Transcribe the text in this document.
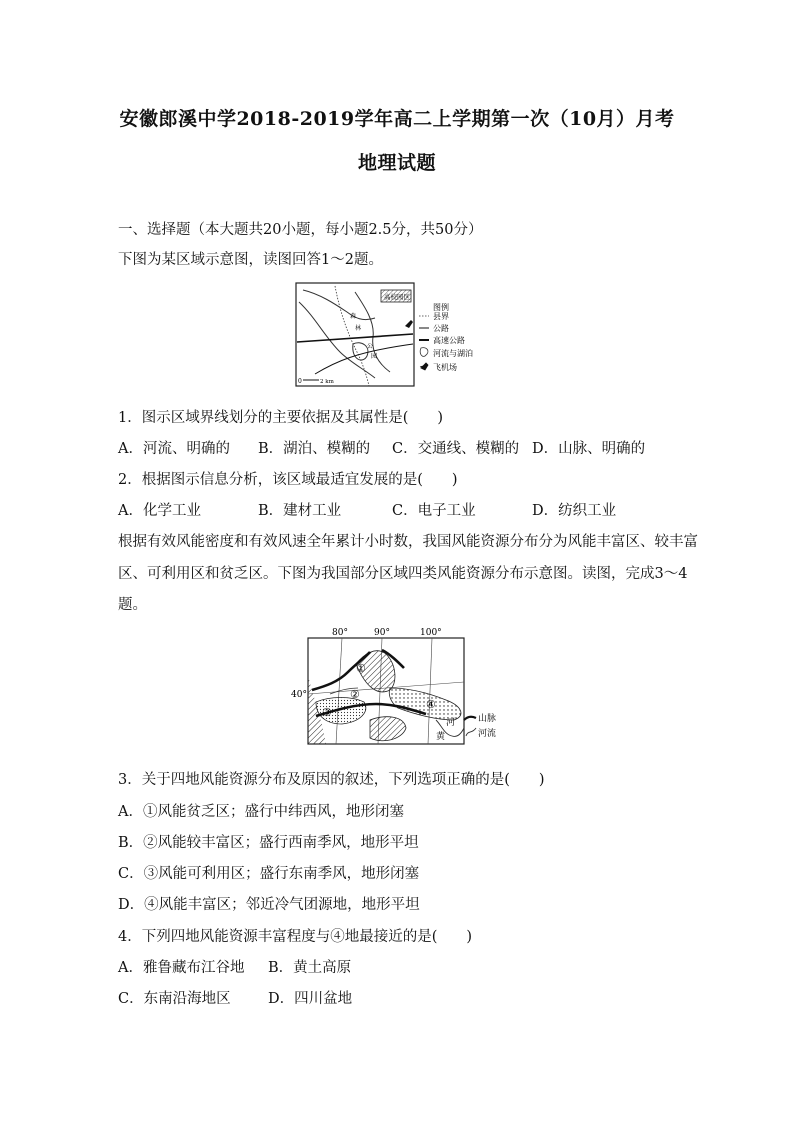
安徽郎溪中学2018-2019学年高二上学期第一次（10月）月考
地理试题
一、选择题（本大题共20小题，每小题2.5分，共50分）
下图为某区域示意图，读图回答1～2题。
高校园区
森
林
公
园
0	2 km
图例
县界
公路
高速公路
河流与湖泊
飞机场
1．图示区域界线划分的主要依据及其属性是(　　)
A．河流、明确的 B．湖泊、模糊的 C．交通线、模糊的 D．山脉、明确的
2．根据图示信息分析，该区域最适宜发展的是(　　)
A．化学工业	B．建材工业	C．电子工业	D．纺织工业
根据有效风能密度和有效风速全年累计小时数，我国风能资源分布分为风能丰富区、较丰富
区、可利用区和贫乏区。下图为我国部分区域四类风能资源分布示意图。读图，完成3～4
题。
80°	90°	100°
40°
①
②
③
④
河
黄
山脉
河流
3．关于四地风能资源分布及原因的叙述，下列选项正确的是(　　)
A．①风能贫乏区；盛行中纬西风，地形闭塞
B．②风能较丰富区；盛行西南季风，地形平坦
C．③风能可利用区；盛行东南季风，地形闭塞
D．④风能丰富区；邻近冷气团源地，地形平坦
4．下列四地风能资源丰富程度与④地最接近的是(　　)
A．雅鲁藏布江谷地 B．黄土高原
C．东南沿海地区	D．四川盆地
